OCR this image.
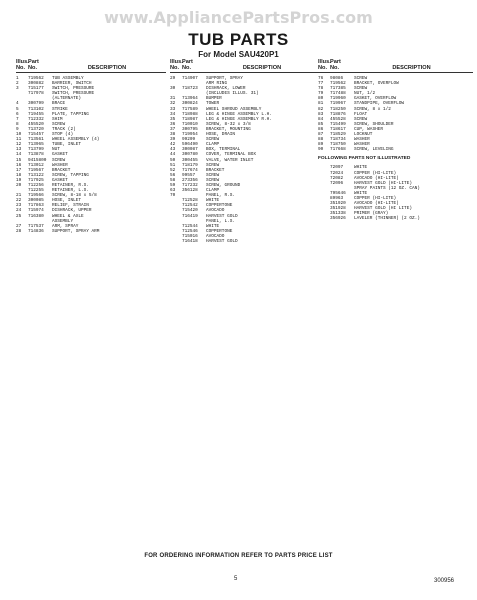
www.AppliancePartsPros.com
TUB PARTS
For Model SAU420P1
Illus.
No.
Part
No.	DESCRIPTION
1	719562	TUB ASSEMBLY
2	300882	BARRIER, SWITCH
3	715177	SWITCH, PRESSURE
717978	SWITCH, PRESSURE
(ALTERNATE)
4	300799	BRACE
5	713102	STRIKE
6	719455	PLATE, TAPPING
7	712332	SHIM
8	455520	SCREW
9	713720	TRACK (2)
10	715457	STOP (4)
11	713561	WHEEL ASSEMBLY (4)
12	713965	TUBE, INLET
13	713799	NUT
14	713878	GASKET
15	9415800	SCREW
16	713012	WASHER
17	719567	BRACKET
18	713122	SCREW, TAPPING
19	717925	GASKET
20	712256	RETAINER, R.S.
712255	RETAINER, L.S.
21	719566	SCREW, 8-18 x 5/8
22	300085	HOSE, INLET
23	717863	RELIEF, STRAIN
24	715974	DISHRACK, UPPER
25	716380	WHEEL & AXLE
ASSEMBLY
27	717537	ARM, SPRAY
28	714836	SUPPORT, SPRAY ARM
Illus.
No.
Part
No.	DESCRIPTION
29	714907	SUPPORT, SPRAY
ARM RING
30	718723	DISHRACK, LOWER
(INCLUDES ILLUS. 31)
31	713964	BUMPER
32	300824	TOWER
33	717589	WHEEL SHROUD ASSEMBLY
34	718988	LEG & HINGE ASSEMBLY L.H.
35	718987	LEG & HINGE ASSEMBLY R.H.
36	710010	SCREW, 8-32 x 3/8
37	300795	BRACKET, MOUNTING
38	719954	HOSE, DRAIN
39	99209	SCREW
42	596490	CLAMP
43	300087	BOX, TERMINAL
44	300780	COVER, TERMINAL BOX
50	300455	VALVE, WATER INLET
51	718179	SCREW
52	717674	BRACKET
56	99557	SCREW
58	273356	SCREW
59	717232	SCREW, GROUND
63	356128	CLAMP
70	PANEL, R.S.
712528	WHITE
712542	COPPERTONE
715420	AVOCADO
716419	HARVEST GOLD
PANEL, L.S.
712544	WHITE
712546	COPPERTONE
715016	AVOCADO
716418	HARVEST GOLD
Illus.
No.
Part
No.	DESCRIPTION
76	98086	SCREW
77	719562	BRACKET, OVERFLOW
78	717385	SCREW
79	717488	NUT, 1/2
80	719960	GASKET, OVERFLOW
81	719967	STANDPIPE, OVERFLOW
82	718250	SCREW, 8 x 1/2
83	718876	FLOAT
84	455528	SCREW
85	715499	SCREW, SHOULDER
86	718617	CUP, WASHER
87	718529	LOCKNUT
88	718734	WASHER
89	718750	WASHER
90	717668	SCREW, LEVELING
FOLLOWING PARTS NOT ILLUSTRATED
72097	WHITE
72024	COPPER (HI-LITE)
72082	AVOCADO (HI-LITE)
72096	HARVEST GOLD (HI-LITE)
SPRAY PAINTS (12 OZ. CAN)
795646	WHITE
89963	COPPER (HI-LITE)
351920	AVOCADO (HI-LITE)
351928	HARVEST GOLD (HI LITE)
351338	PRIMER (GRAY)
356926	LAVELER (THINNER) (2 OZ.)
FOR ORDERING INFORMATION REFER TO PARTS PRICE LIST
5	300956
